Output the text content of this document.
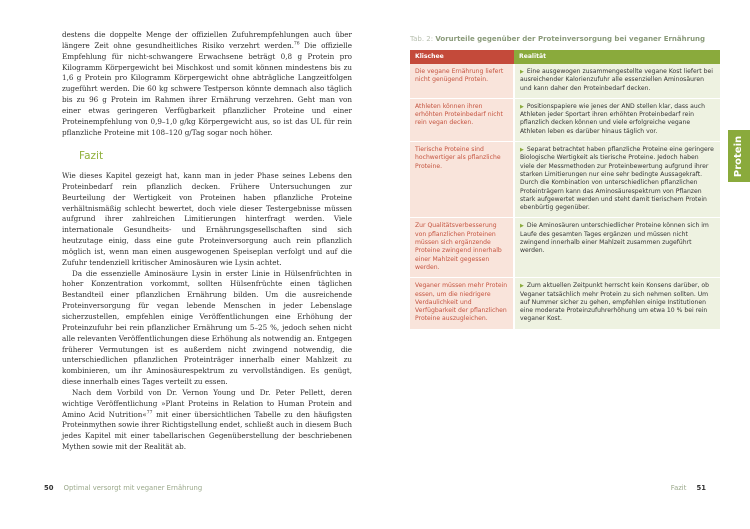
destens die doppelte Menge der offiziellen Zufuhrempfehlungen auch über längere Zeit ohne gesundheitliches Risiko verzehrt werden.$^{76}$ Die offizielle Empfehlung für nicht-schwangere Erwachsene beträgt 0,8 g Protein pro Kilogramm Körpergewicht bei Mischkost und somit können mindestens bis zu 1,6 g Protein pro Kilogramm Körpergewicht ohne abträgliche Langzeitfolgen zugeführt werden. Die 60 kg schwere Testperson könnte demnach also täglich bis zu 96 g Protein im Rahmen ihrer Ernährung verzehren. Geht man von einer etwas geringeren Verfügbarkeit pflanzlicher Proteine und einer Proteinempfehlung von 0,9–1,0 g/kg Körpergewicht aus, so ist das UL für rein pflanzliche Proteine mit 108–120 g/Tag sogar noch höher.

Fazit

Wie dieses Kapitel gezeigt hat, kann man in jeder Phase seines Lebens den Proteinbedarf rein pflanzlich decken. Frühere Untersuchungen zur Beurteilung der Wertigkeit von Proteinen haben pflanzliche Proteine verhältnismäßig schlecht bewertet, doch viele dieser Testergebnisse müssen aufgrund ihrer zahlreichen Limitierungen hinterfragt werden. Viele internationale Gesundheits- und Ernährungsgesellschaften sind sich heutzutage einig, dass eine gute Proteinversorgung auch rein pflanzlich möglich ist, wenn man einen ausgewogenen Speiseplan verfolgt und auf die Zufuhr tendenziell kritischer Aminosäuren wie Lysin achtet.

Da die essenzielle Aminosäure Lysin in erster Linie in Hülsenfrüchten in hoher Konzentration vorkommt, sollten Hülsenfrüchte einen täglichen Bestandteil einer pflanzlichen Ernährung bilden. Um die ausreichende Proteinversorgung für vegan lebende Menschen in jeder Lebenslage sicherzustellen, empfehlen einige Veröffentlichungen eine Erhöhung der Proteinzufuhr bei rein pflanzlicher Ernährung um 5–25 %, jedoch sehen nicht alle relevanten Veröffentlichungen diese Erhöhung als notwendig an. Entgegen früherer Vermutungen ist es außerdem nicht zwingend notwendig, die unterschiedlichen pflanzlichen Proteinträger innerhalb einer Mahlzeit zu kombinieren, um ihr Aminosäurespektrum zu vervollständigen. Es genügt, diese innerhalb eines Tages verteilt zu essen.

Nach dem Vorbild von Dr. Vernon Young und Dr. Peter Pellett, deren wichtige Veröffentlichung »Plant Proteins in Relation to Human Protein and Amino Acid Nutrition«$^{77}$ mit einer übersichtlichen Tabelle zu den häufigsten Proteinmythen sowie ihrer Richtigstellung endet, schließt auch in diesem Buch jedes Kapitel mit einer tabellarischen Gegenüberstellung der beschriebenen Mythen sowie mit der Realität ab.

50 Optimal versorgt mit veganer Ernährung
Tab. 2: Vorurteile gegenüber der Proteinversorgung bei veganer Ernährung
Klischee	Realität
Die vegane Ernährung liefert nicht genügend Protein.	▶ Eine ausgewogen zusammengestellte vegane Kost liefert bei ausreichender Kalorienzufuhr alle essenziellen Aminosäuren und kann daher den Proteinbedarf decken.
Athleten können ihren erhöhten Proteinbedarf nicht rein vegan decken.	▶ Positionspapiere wie jenes der AND stellen klar, dass auch Athleten jeder Sportart ihren erhöhten Proteinbedarf rein pflanzlich decken können und viele erfolgreiche vegane Athleten leben es darüber hinaus täglich vor.
Tierische Proteine sind hochwertiger als pflanzliche Proteine.	▶ Separat betrachtet haben pflanzliche Proteine eine geringere Biologische Wertigkeit als tierische Proteine. Jedoch haben viele der Messmethoden zur Proteinbewertung aufgrund ihrer starken Limitierungen nur eine sehr bedingte Aussagekraft. Durch die Kombination von unterschiedlichen pflanzlichen Proteinträgern kann das Aminosäurespektrum von Pflanzen stark aufgewertet werden und steht damit tierischem Protein ebenbürtig gegenüber.
Zur Qualitätsverbesserung von pflanzlichen Proteinen müssen sich ergänzende Proteine zwingend innerhalb einer Mahlzeit gegessen werden.	▶ Die Aminosäuren unterschiedlicher Proteine können sich im Laufe des gesamten Tages ergänzen und müssen nicht zwingend innerhalb einer Mahlzeit zusammen zugeführt werden.
Veganer müssen mehr Protein essen, um die niedrigere Verdaulichkeit und Verfügbarkeit der pflanzlichen Proteine auszugleichen.	▶ Zum aktuellen Zeitpunkt herrscht kein Konsens darüber, ob Veganer tatsächlich mehr Protein zu sich nehmen sollten. Um auf Nummer sicher zu gehen, empfehlen einige Institutionen eine moderate Proteinzufuhrerhöhung um etwa 10 % bei rein veganer Kost.
Protein
Fazit 51
